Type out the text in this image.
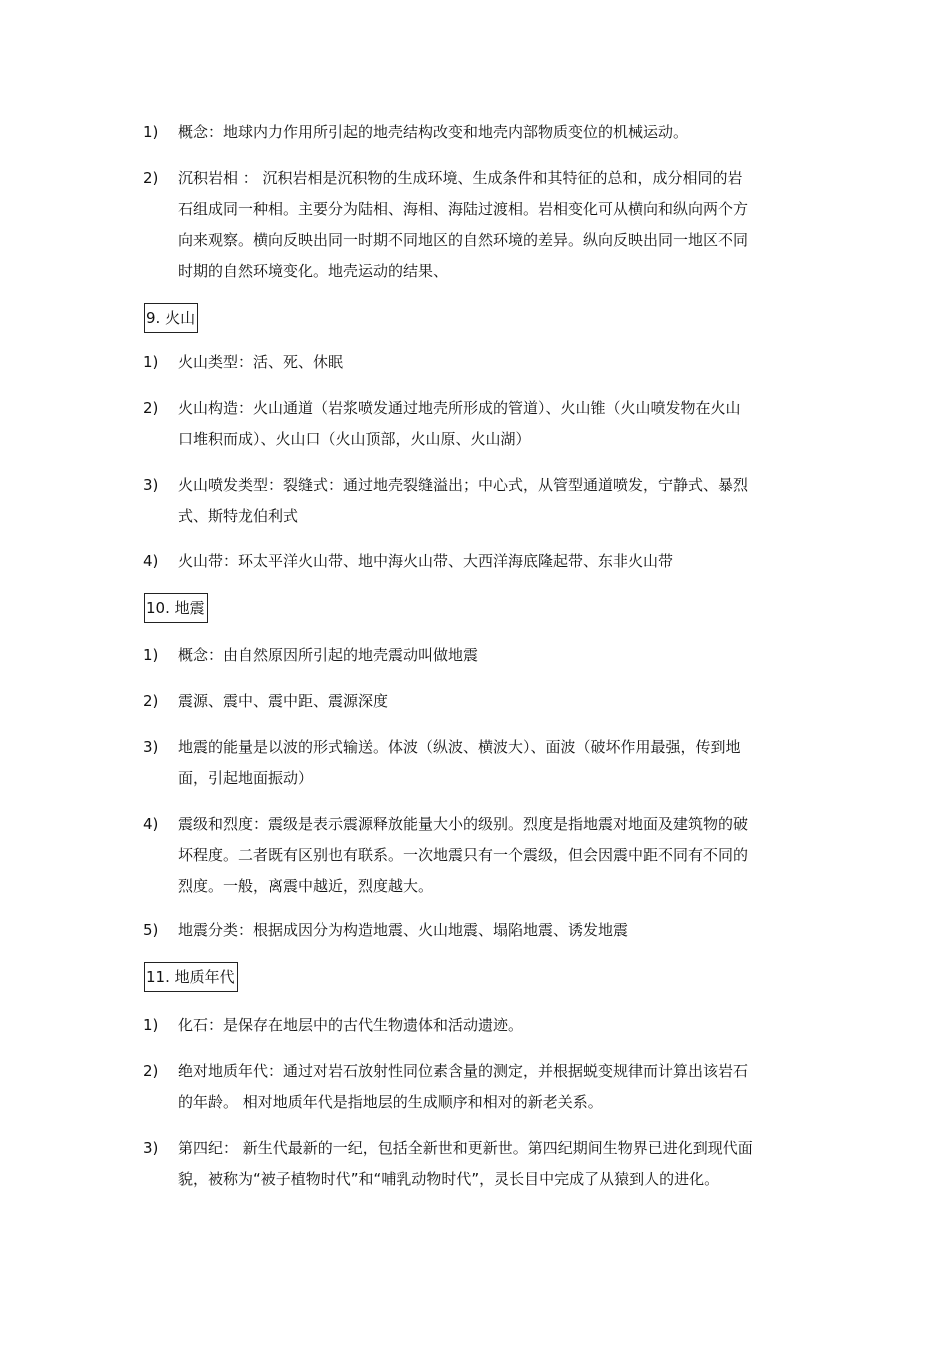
1)	概念：地球内力作用所引起的地壳结构改变和地壳内部物质变位的机械运动。
2)	沉积岩相 ： 沉积岩相是沉积物的生成环境、生成条件和其特征的总和，成分相同的岩石组成同一种相。主要分为陆相、海相、海陆过渡相。岩相变化可从横向和纵向两个方向来观察。横向反映出同一时期不同地区的自然环境的差异。纵向反映出同一地区不同时期的自然环境变化。地壳运动的结果、
9. 火山
1)	火山类型：活、死、休眠
2)	火山构造：火山通道（岩浆喷发通过地壳所形成的管道）、火山锥（火山喷发物在火山口堆积而成）、火山口（火山顶部，火山原、火山湖）
3)	火山喷发类型：裂缝式：通过地壳裂缝溢出；中心式，从管型通道喷发，宁静式、暴烈式、斯特龙伯利式
4)	火山带：环太平洋火山带、地中海火山带、大西洋海底隆起带、东非火山带
10. 地震
1)	概念：由自然原因所引起的地壳震动叫做地震
2)	震源、震中、震中距、震源深度
3)	地震的能量是以波的形式输送。体波（纵波、横波大）、面波（破坏作用最强，传到地面，引起地面振动）
4)	震级和烈度：震级是表示震源释放能量大小的级别。烈度是指地震对地面及建筑物的破坏程度。二者既有区别也有联系。一次地震只有一个震级，但会因震中距不同有不同的烈度。一般，离震中越近，烈度越大。
5)	地震分类：根据成因分为构造地震、火山地震、塌陷地震、诱发地震
11. 地质年代
1)	化石：是保存在地层中的古代生物遗体和活动遗迹。
2)	绝对地质年代：通过对岩石放射性同位素含量的测定，并根据蜕变规律而计算出该岩石的年龄。 相对地质年代是指地层的生成顺序和相对的新老关系。
3)	第四纪： 新生代最新的一纪，包括全新世和更新世。第四纪期间生物界已进化到现代面貌，被称为“被子植物时代”和“哺乳动物时代”，灵长目中完成了从猿到人的进化。
